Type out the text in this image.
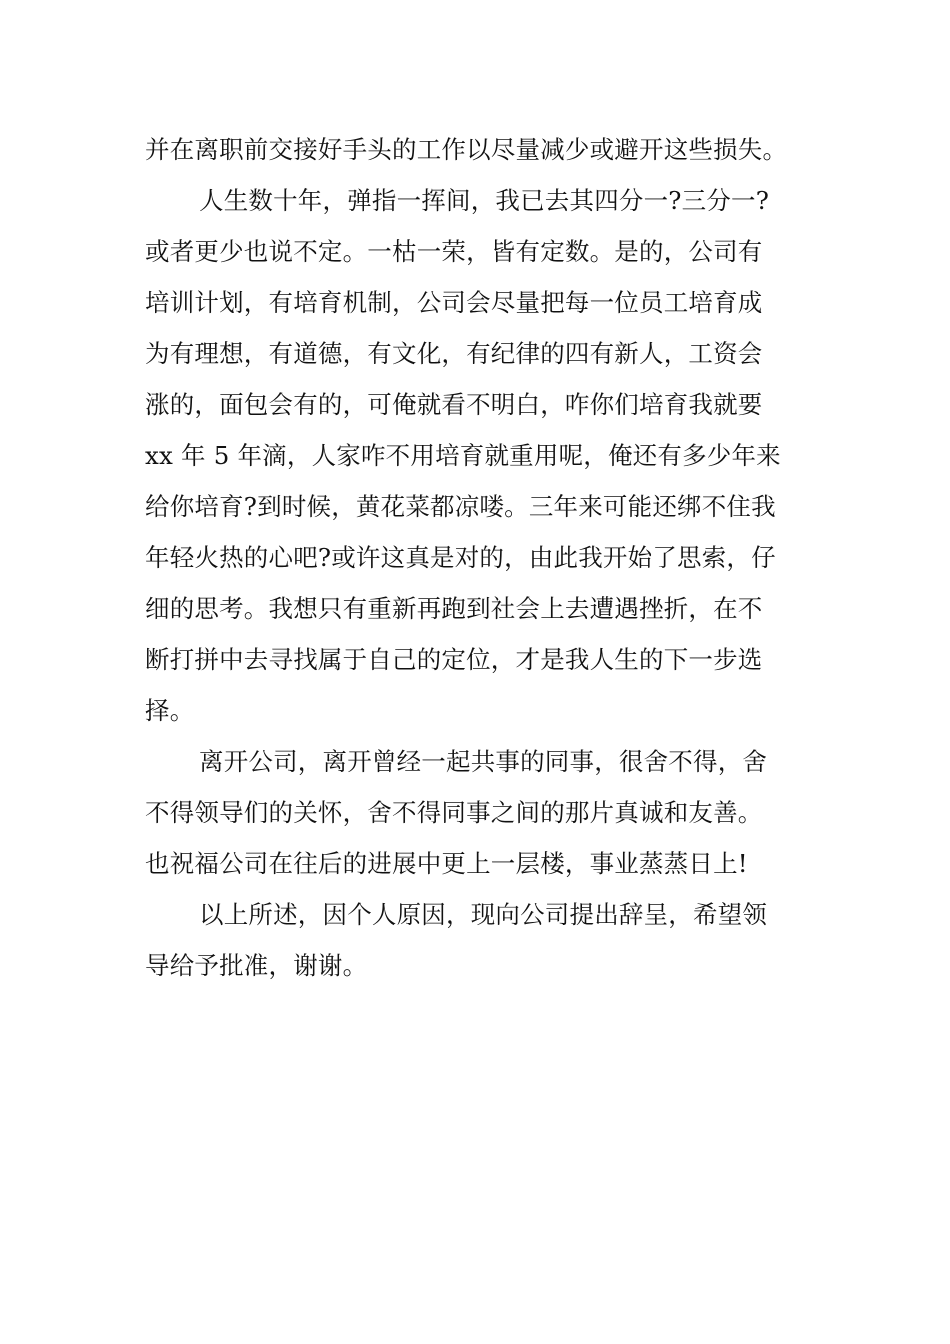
并在离职前交接好手头的工作以尽量减少或避开这些损失。
人生数十年，弹指一挥间，我已去其四分一?三分一?
或者更少也说不定。一枯一荣，皆有定数。是的，公司有
培训计划，有培育机制，公司会尽量把每一位员工培育成
为有理想，有道德，有文化，有纪律的四有新人，工资会
涨的，面包会有的，可俺就看不明白，咋你们培育我就要
xx 年 5 年滴，人家咋不用培育就重用呢，俺还有多少年来
给你培育?到时候，黄花菜都凉喽。三年来可能还绑不住我
年轻火热的心吧?或许这真是对的，由此我开始了思索，仔
细的思考。我想只有重新再跑到社会上去遭遇挫折，在不
断打拼中去寻找属于自己的定位，才是我人生的下一步选
择。
离开公司，离开曾经一起共事的同事，很舍不得，舍
不得领导们的关怀，舍不得同事之间的那片真诚和友善。
也祝福公司在往后的进展中更上一层楼，事业蒸蒸日上!
以上所述，因个人原因，现向公司提出辞呈，希望领
导给予批准，谢谢。
